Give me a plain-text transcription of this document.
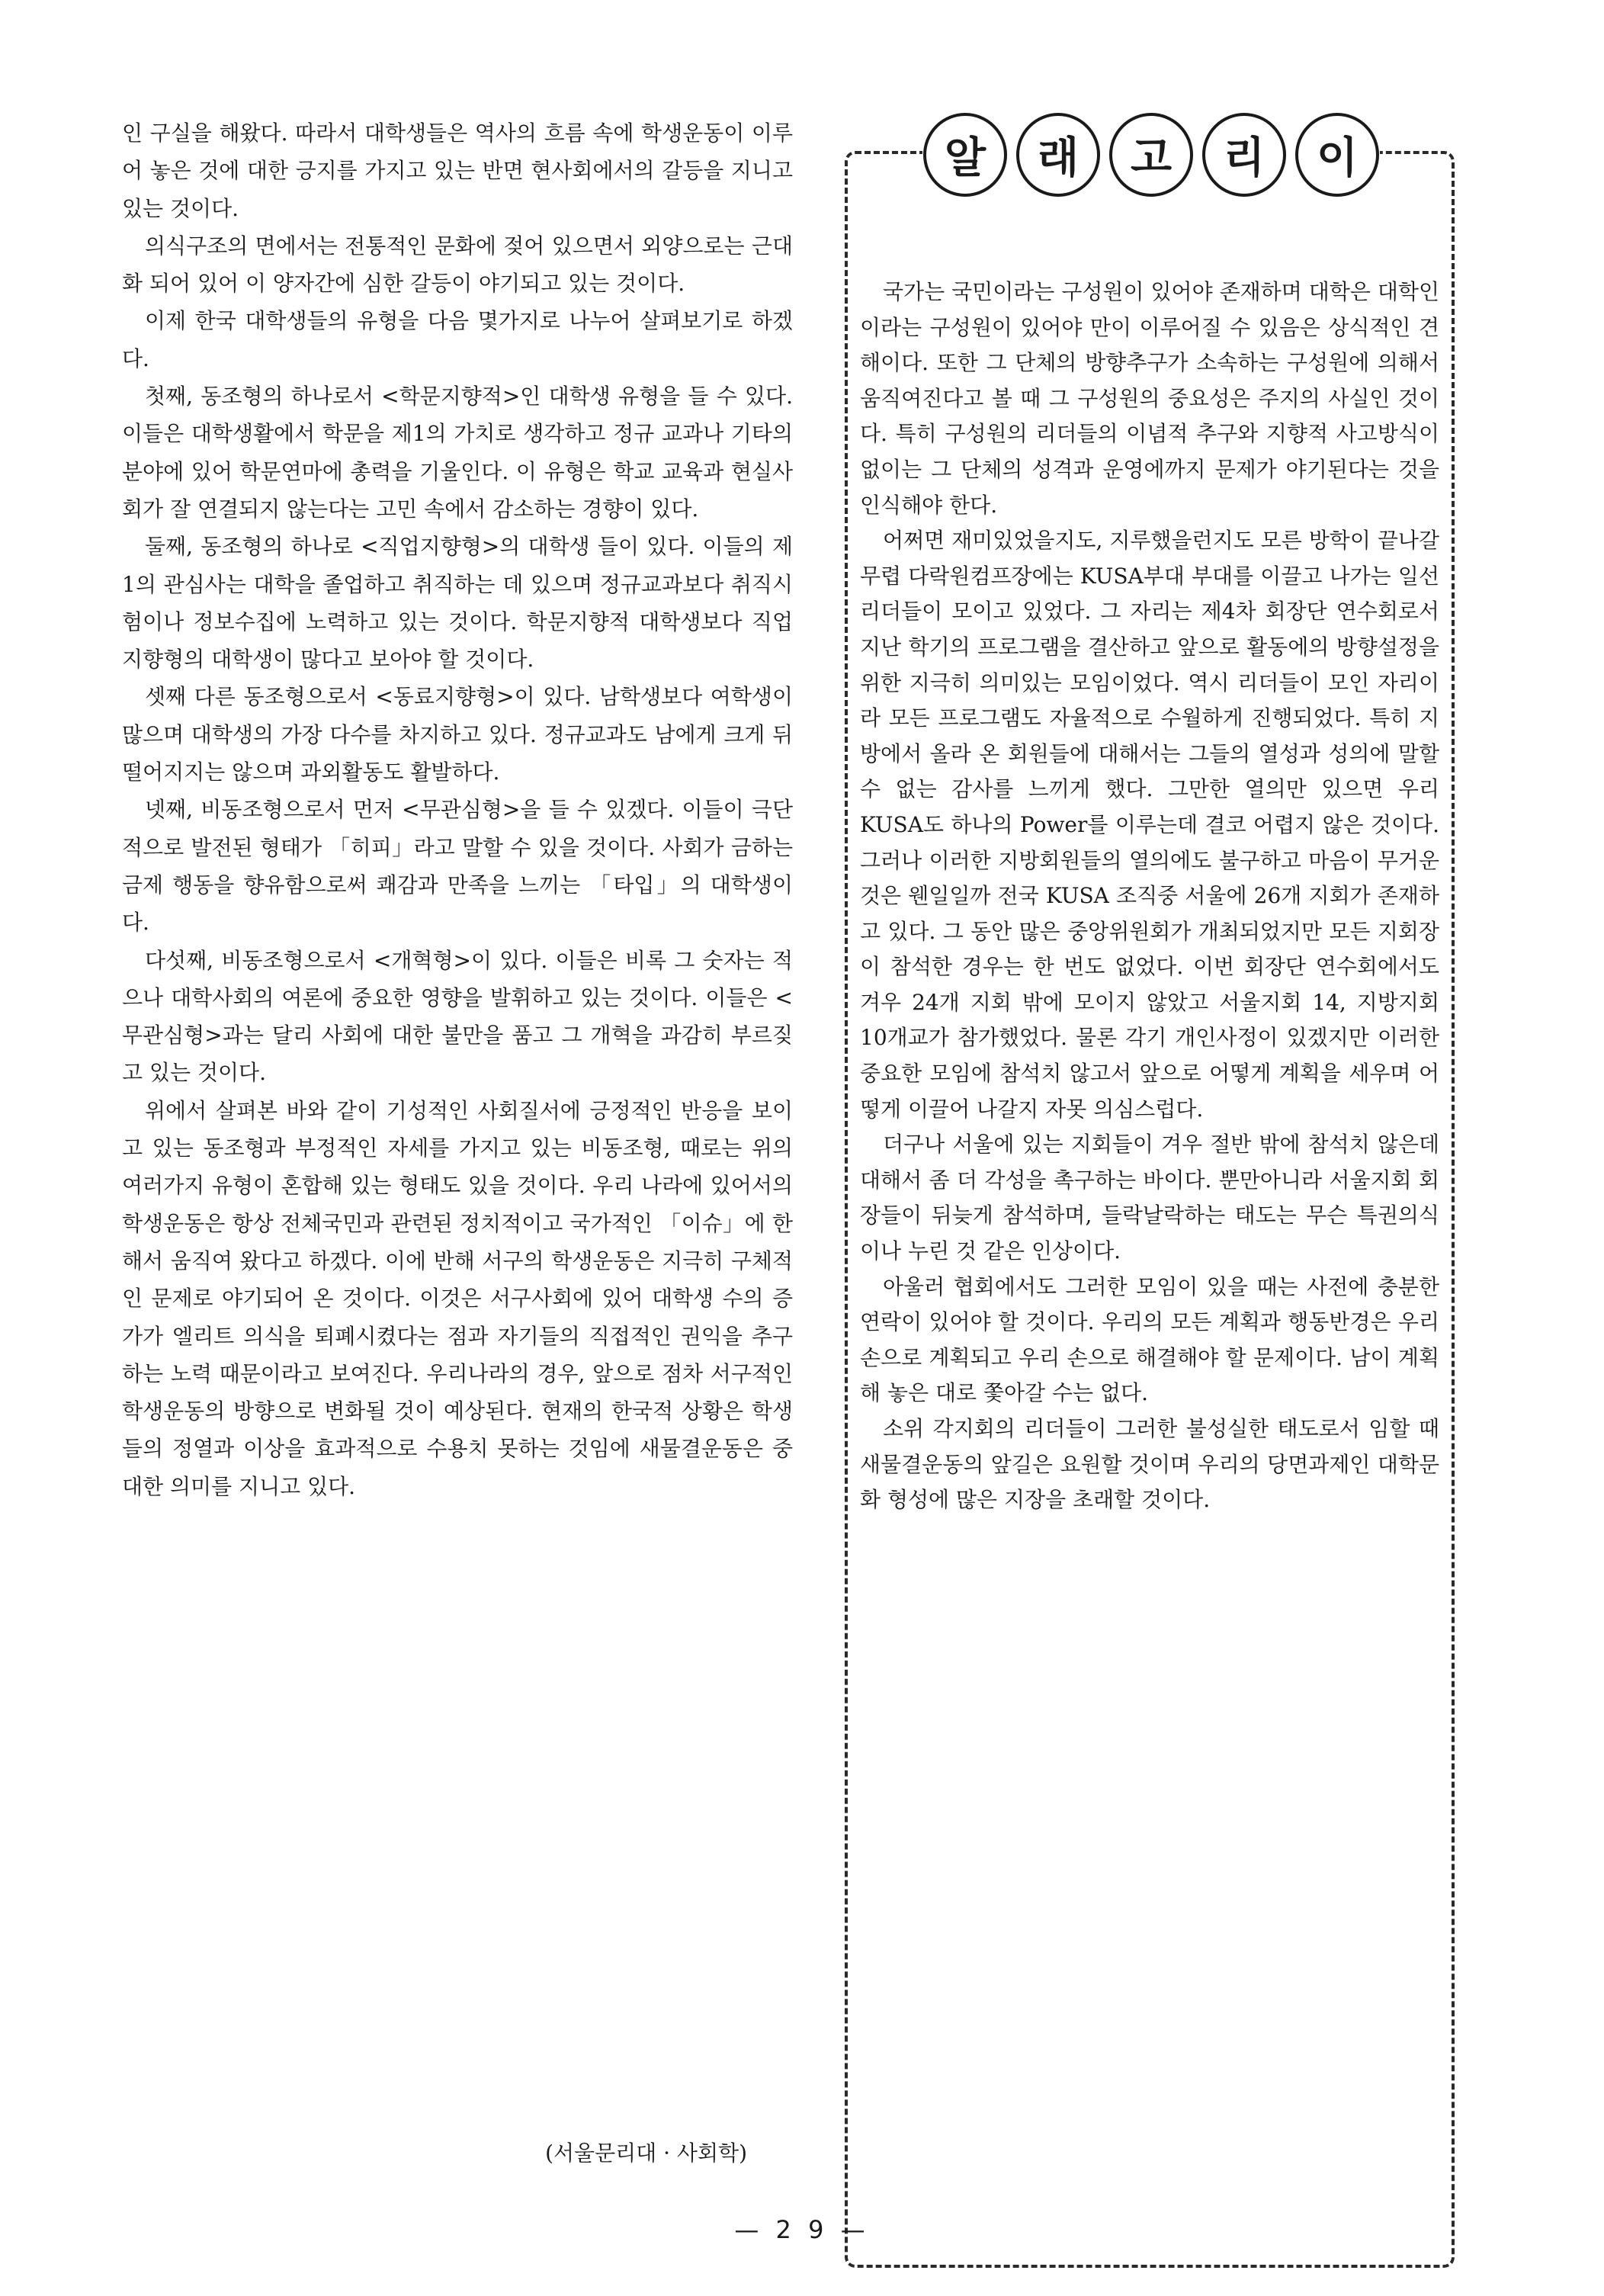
인 구실을 해왔다. 따라서 대학생들은 역사의 흐름 속에 학생운동이 이루어 놓은 것에 대한 긍지를 가지고 있는 반면 현사회에서의 갈등을 지니고 있는 것이다.

의식구조의 면에서는 전통적인 문화에 젖어 있으면서 외양으로는 근대화 되어 있어 이 양자간에 심한 갈등이 야기되고 있는 것이다.

이제 한국 대학생들의 유형을 다음 몇가지로 나누어 살펴보기로 하겠다.

첫째, 동조형의 하나로서 <학문지향적>인 대학생 유형을 들 수 있다. 이들은 대학생활에서 학문을 제1의 가치로 생각하고 정규 교과나 기타의 분야에 있어 학문연마에 총력을 기울인다. 이 유형은 학교 교육과 현실사회가 잘 연결되지 않는다는 고민 속에서 감소하는 경향이 있다.

둘째, 동조형의 하나로 <직업지향형>의 대학생 들이 있다. 이들의 제1의 관심사는 대학을 졸업하고 취직하는 데 있으며 정규교과보다 취직시험이나 정보수집에 노력하고 있는 것이다. 학문지향적 대학생보다 직업지향형의 대학생이 많다고 보아야 할 것이다.

셋째 다른 동조형으로서 <동료지향형>이 있다. 남학생보다 여학생이 많으며 대학생의 가장 다수를 차지하고 있다. 정규교과도 남에게 크게 뒤떨어지지는 않으며 과외활동도 활발하다.

넷째, 비동조형으로서 먼저 <무관심형>을 들 수 있겠다. 이들이 극단적으로 발전된 형태가 「히피」라고 말할 수 있을 것이다. 사회가 금하는 금제 행동을 향유함으로써 쾌감과 만족을 느끼는 「타입」의 대학생이다.

다섯째, 비동조형으로서 <개혁형>이 있다. 이들은 비록 그 숫자는 적으나 대학사회의 여론에 중요한 영향을 발휘하고 있는 것이다. 이들은 <무관심형>과는 달리 사회에 대한 불만을 품고 그 개혁을 과감히 부르짖고 있는 것이다.

위에서 살펴본 바와 같이 기성적인 사회질서에 긍정적인 반응을 보이고 있는 동조형과 부정적인 자세를 가지고 있는 비동조형, 때로는 위의 여러가지 유형이 혼합해 있는 형태도 있을 것이다. 우리 나라에 있어서의 학생운동은 항상 전체국민과 관련된 정치적이고 국가적인 「이슈」에 한해서 움직여 왔다고 하겠다. 이에 반해 서구의 학생운동은 지극히 구체적인 문제로 야기되어 온 것이다. 이것은 서구사회에 있어 대학생 수의 증가가 엘리트 의식을 퇴폐시켰다는 점과 자기들의 직접적인 권익을 추구하는 노력 때문이라고 보여진다. 우리나라의 경우, 앞으로 점차 서구적인 학생운동의 방향으로 변화될 것이 예상된다. 현재의 한국적 상황은 학생들의 정열과 이상을 효과적으로 수용치 못하는 것임에 새물결운동은 중대한 의미를 지니고 있다.

(서울문리대 · 사회학)
알	래	고	리	이

국가는 국민이라는 구성원이 있어야 존재하며 대학은 대학인이라는 구성원이 있어야 만이 이루어질 수 있음은 상식적인 견해이다. 또한 그 단체의 방향추구가 소속하는 구성원에 의해서 움직여진다고 볼 때 그 구성원의 중요성은 주지의 사실인 것이다. 특히 구성원의 리더들의 이념적 추구와 지향적 사고방식이 없이는 그 단체의 성격과 운영에까지 문제가 야기된다는 것을 인식해야 한다.

어쩌면 재미있었을지도, 지루했을런지도 모른 방학이 끝나갈 무렵 다락원컴프장에는 KUSA부대 부대를 이끌고 나가는 일선리더들이 모이고 있었다. 그 자리는 제4차 회장단 연수회로서 지난 학기의 프로그램을 결산하고 앞으로 활동에의 방향설정을 위한 지극히 의미있는 모임이었다. 역시 리더들이 모인 자리이라 모든 프로그램도 자율적으로 수월하게 진행되었다. 특히 지방에서 올라 온 회원들에 대해서는 그들의 열성과 성의에 말할 수 없는 감사를 느끼게 했다. 그만한 열의만 있으면 우리 KUSA도 하나의 Power를 이루는데 결코 어렵지 않은 것이다. 그러나 이러한 지방회원들의 열의에도 불구하고 마음이 무거운 것은 웬일일까 전국 KUSA 조직중 서울에 26개 지회가 존재하고 있다. 그 동안 많은 중앙위원회가 개최되었지만 모든 지회장이 참석한 경우는 한 번도 없었다. 이번 회장단 연수회에서도 겨우 24개 지회 밖에 모이지 않았고 서울지회 14, 지방지회 10개교가 참가했었다. 물론 각기 개인사정이 있겠지만 이러한 중요한 모임에 참석치 않고서 앞으로 어떻게 계획을 세우며 어떻게 이끌어 나갈지 자못 의심스럽다.

더구나 서울에 있는 지회들이 겨우 절반 밖에 참석치 않은데 대해서 좀 더 각성을 촉구하는 바이다. 뿐만아니라 서울지회 회장들이 뒤늦게 참석하며, 들락날락하는 태도는 무슨 특권의식이나 누린 것 같은 인상이다.

아울러 협회에서도 그러한 모임이 있을 때는 사전에 충분한 연락이 있어야 할 것이다. 우리의 모든 계획과 행동반경은 우리손으로 계획되고 우리 손으로 해결해야 할 문제이다. 남이 계획해 놓은 대로 쫓아갈 수는 없다.

소위 각지회의 리더들이 그러한 불성실한 태도로서 임할 때 새물결운동의 앞길은 요원할 것이며 우리의 당면과제인 대학문화 형성에 많은 지장을 초래할 것이다.

— 2 9 —
